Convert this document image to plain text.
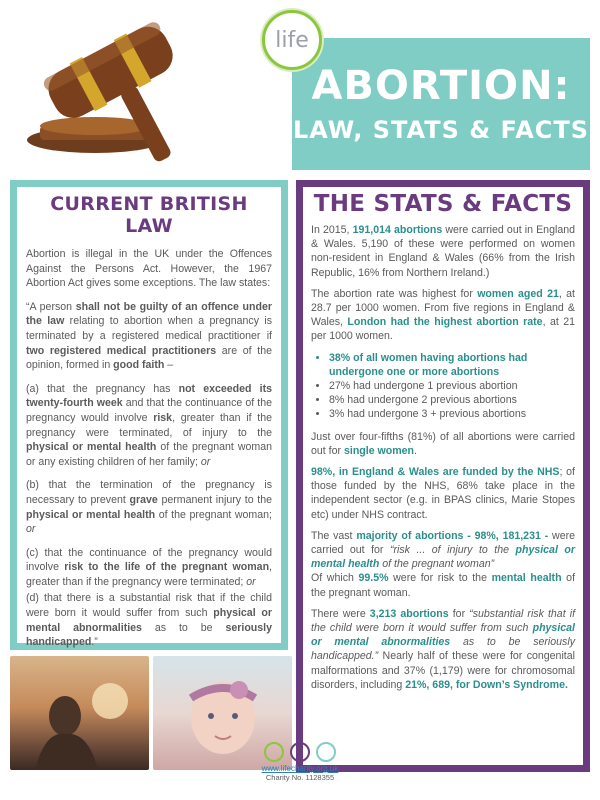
life
ABORTION:
LAW, STATS & FACTS
CURRENT BRITISH LAW

Abortion is illegal in the UK under the Offences Against the Persons Act. However, the 1967 Abortion Act gives some exceptions. The law states:

“A person shall not be guilty of an offence under the law relating to abortion when a pregnancy is terminated by a registered medical practitioner if two registered medical practitioners are of the opinion, formed in good faith –

(a) that the pregnancy has not exceeded its twenty-fourth week and that the continuance of the pregnancy would involve risk, greater than if the pregnancy were terminated, of injury to the physical or mental health of the pregnant woman or any existing children of her family; or

(b) that the termination of the pregnancy is necessary to prevent grave permanent injury to the physical or mental health of the pregnant woman; or

(c) that the continuance of the pregnancy would involve risk to the life of the pregnant woman, greater than if the pregnancy were terminated; or

(d) that there is a substantial risk that if the child were born it would suffer from such physical or mental abnormalities as to be seriously handicapped.”

THE STATS & FACTS

In 2015, 191,014 abortions were carried out in England & Wales. 5,190 of these were performed on women non-resident in England & Wales (66% from the Irish Republic, 16% from Northern Ireland.)

The abortion rate was highest for women aged 21, at 28.7 per 1000 women. From five regions in England & Wales, London had the highest abortion rate, at 21 per 1000 women.

• 38% of all women having abortions had undergone one or more abortions
• 27% had undergone 1 previous abortion
• 8% had undergone 2 previous abortions
• 3% had undergone 3 + previous abortions

Just over four-fifths (81%) of all abortions were carried out for single women.

98%, in England & Wales are funded by the NHS; of those funded by the NHS, 68% take place in the independent sector (e.g. in BPAS clinics, Marie Stopes etc) under NHS contract.

The vast majority of abortions - 98%, 181,231 - were carried out for “risk ... of injury to the physical or mental health of the pregnant woman”
Of which 99.5% were for risk to the mental health of the pregnant woman.

There were 3,213 abortions for “substantial risk that if the child were born it would suffer from such physical or mental abnormalities as to be seriously handicapped.” Nearly half of these were for congenital malformations and 37% (1,179) were for chromosomal disorders, including 21%, 689, for Down’s Syndrome.

www.lifecharity.org.uk
Charity No. 1128355
